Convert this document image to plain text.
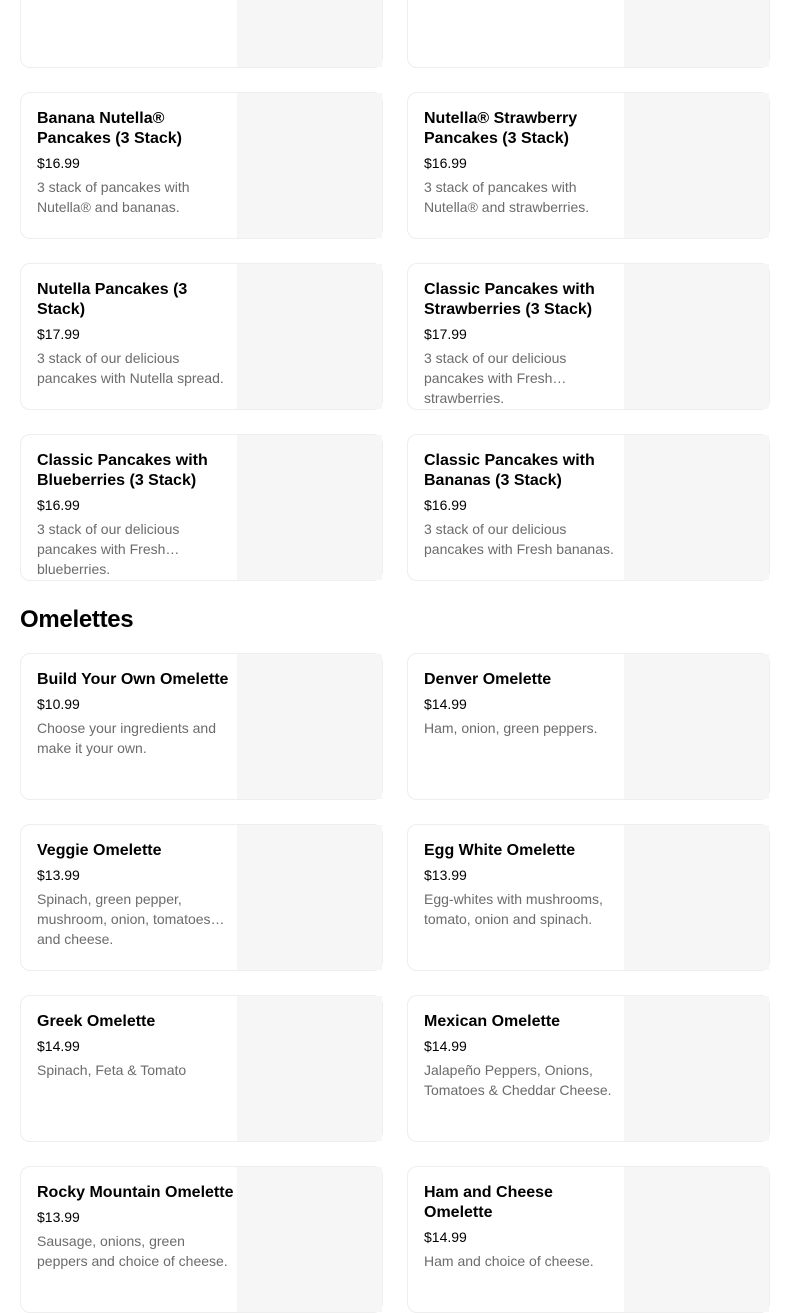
Banana Nutella® Pancakes (3 Stack)
$16.99
3 stack of pancakes with Nutella® and bananas.
Nutella® Strawberry Pancakes (3 Stack)
$16.99
3 stack of pancakes with Nutella® and strawberries.
Nutella Pancakes (3 Stack)
$17.99
3 stack of our delicious pancakes with Nutella spread.
Classic Pancakes with Strawberries (3 Stack)
$17.99
3 stack of our delicious pancakes with Fresh strawberries.
Classic Pancakes with Blueberries (3 Stack)
$16.99
3 stack of our delicious pancakes with Fresh blueberries.
Classic Pancakes with Bananas (3 Stack)
$16.99
3 stack of our delicious pancakes with Fresh bananas.
Omelettes
Build Your Own Omelette
$10.99
Choose your ingredients and make it your own.
Denver Omelette
$14.99
Ham, onion, green peppers.
Veggie Omelette
$13.99
Spinach, green pepper, mushroom, onion, tomatoes and cheese.
Egg White Omelette
$13.99
Egg-whites with mushrooms, tomato, onion and spinach.
Greek Omelette
$14.99
Spinach, Feta & Tomato
Mexican Omelette
$14.99
Jalapeño Peppers, Onions, Tomatoes & Cheddar Cheese.
Rocky Mountain Omelette
$13.99
Sausage, onions, green peppers and choice of cheese.
Ham and Cheese Omelette
$14.99
Ham and choice of cheese.
